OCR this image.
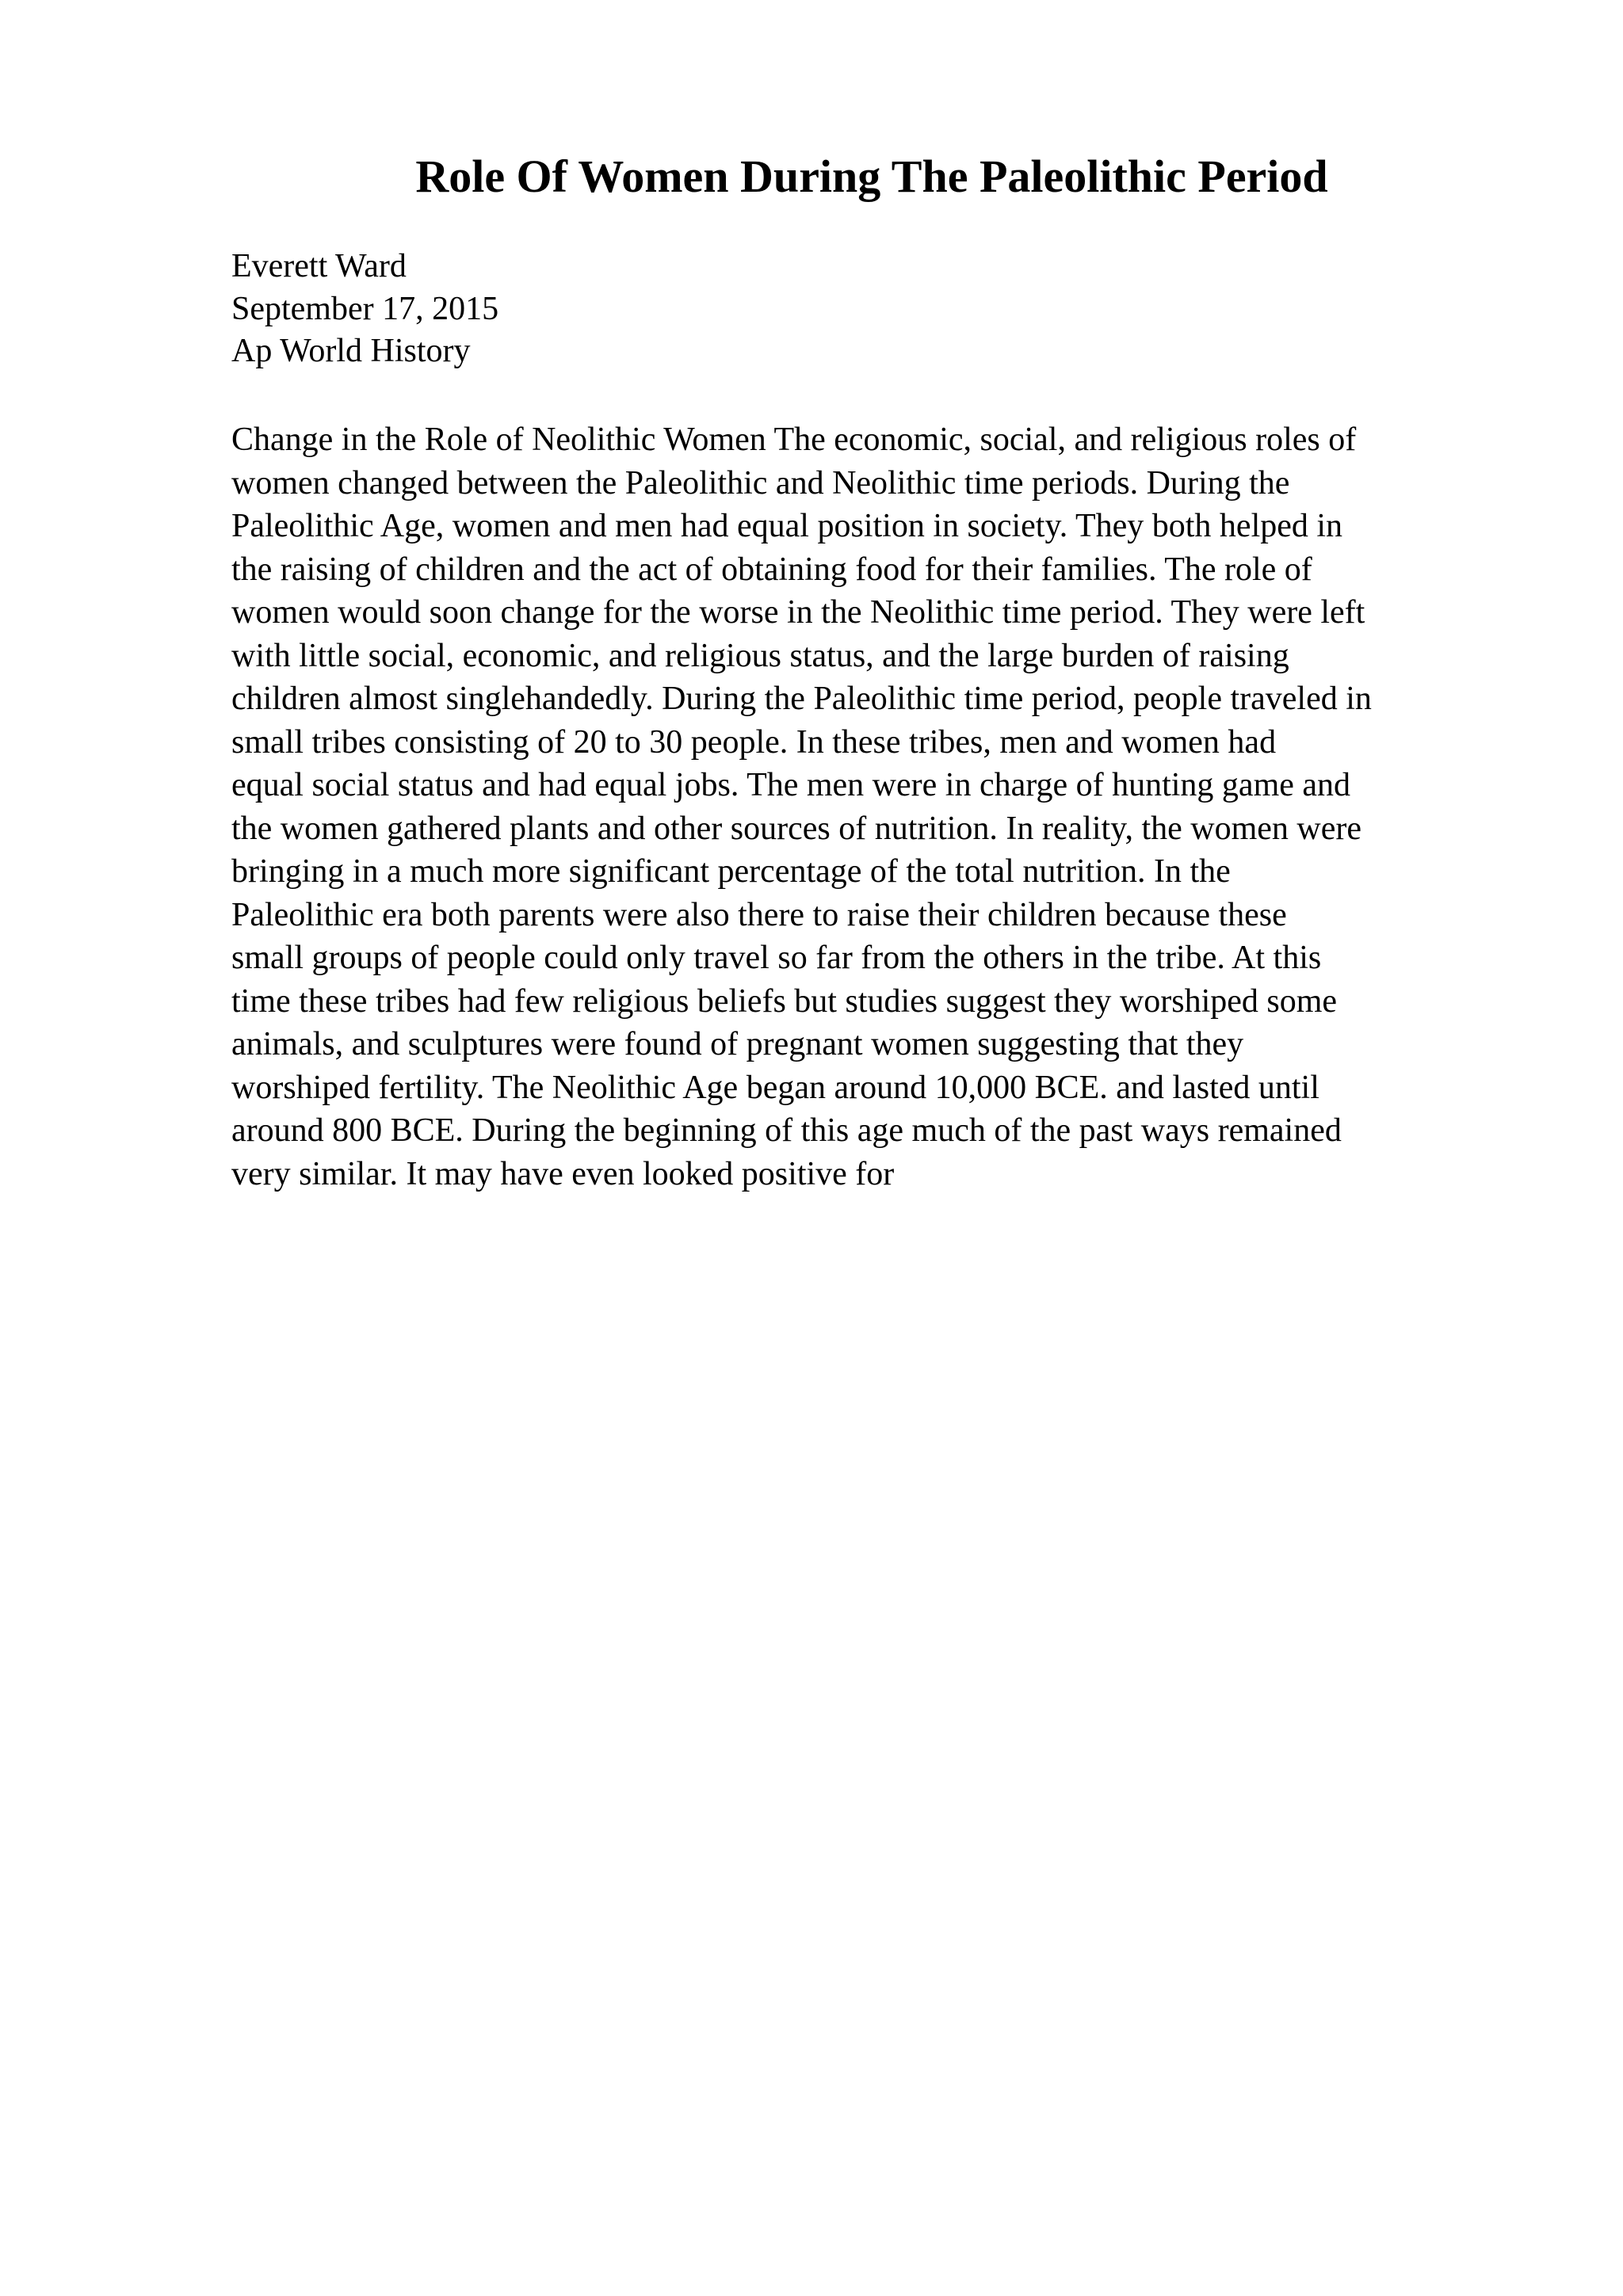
Role Of Women During The Paleolithic Period
Everett Ward
September 17, 2015
Ap World History
Change in the Role of Neolithic Women The economic, social, and religious roles of
women changed between the Paleolithic and Neolithic time periods. During the
Paleolithic Age, women and men had equal position in society. They both helped in
the raising of children and the act of obtaining food for their families. The role of
women would soon change for the worse in the Neolithic time period. They were left
with little social, economic, and religious status, and the large burden of raising
children almost singlehandedly. During the Paleolithic time period, people traveled in
small tribes consisting of 20 to 30 people. In these tribes, men and women had
equal social status and had equal jobs. The men were in charge of hunting game and
the women gathered plants and other sources of nutrition. In reality, the women were
bringing in a much more significant percentage of the total nutrition. In the
Paleolithic era both parents were also there to raise their children because these
small groups of people could only travel so far from the others in the tribe. At this
time these tribes had few religious beliefs but studies suggest they worshiped some
animals, and sculptures were found of pregnant women suggesting that they
worshiped fertility. The Neolithic Age began around 10,000 BCE. and lasted until
around 800 BCE. During the beginning of this age much of the past ways remained
very similar. It may have even looked positive for
